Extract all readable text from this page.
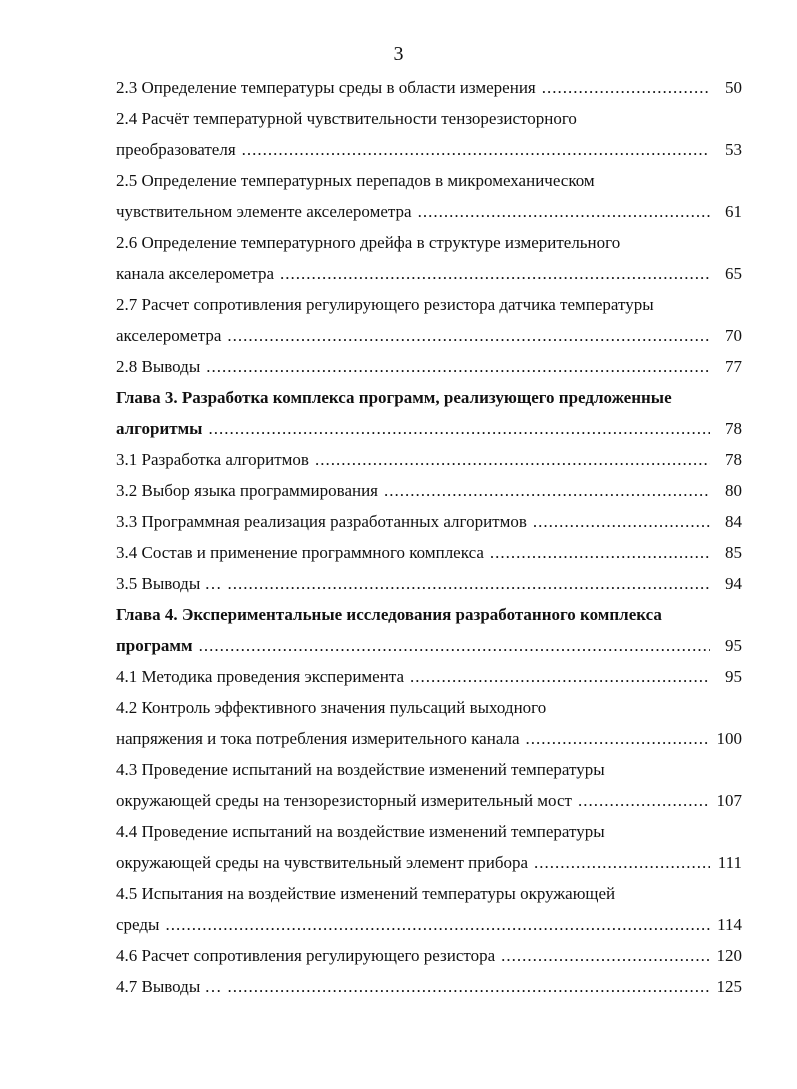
3
2.3 Определение температуры среды в области измерения .....	50
2.4 Расчёт температурной чувствительности тензорезисторного
преобразователя .....	53
2.5 Определение температурных перепадов в микромеханическом
чувствительном элементе акселерометра .....	61
2.6 Определение температурного дрейфа в структуре измерительного
канала акселерометра .....	65
2.7 Расчет сопротивления регулирующего резистора датчика температуры
акселерометра .....	70
2.8 Выводы .....	77
Глава 3. Разработка комплекса программ, реализующего предложенные
алгоритмы .....	78
3.1 Разработка алгоритмов .....	78
3.2 Выбор языка программирования .....	80
3.3 Программная реализация разработанных алгоритмов .....	84
3.4 Состав и применение программного комплекса .....	85
3.5 Выводы … .....	94
Глава 4. Экспериментальные исследования разработанного комплекса
программ .....	95
4.1 Методика проведения эксперимента .....	95
4.2 Контроль эффективного значения пульсаций выходного
напряжения и тока потребления измерительного канала .....	100
4.3 Проведение испытаний на воздействие изменений температуры
окружающей среды на тензорезисторный измерительный мост .....	107
4.4 Проведение испытаний на воздействие изменений температуры
окружающей среды на чувствительный элемент прибора .....	111
4.5 Испытания на воздействие изменений температуры окружающей
среды .....	114
4.6 Расчет сопротивления регулирующего резистора .....	120
4.7 Выводы … .....	125
